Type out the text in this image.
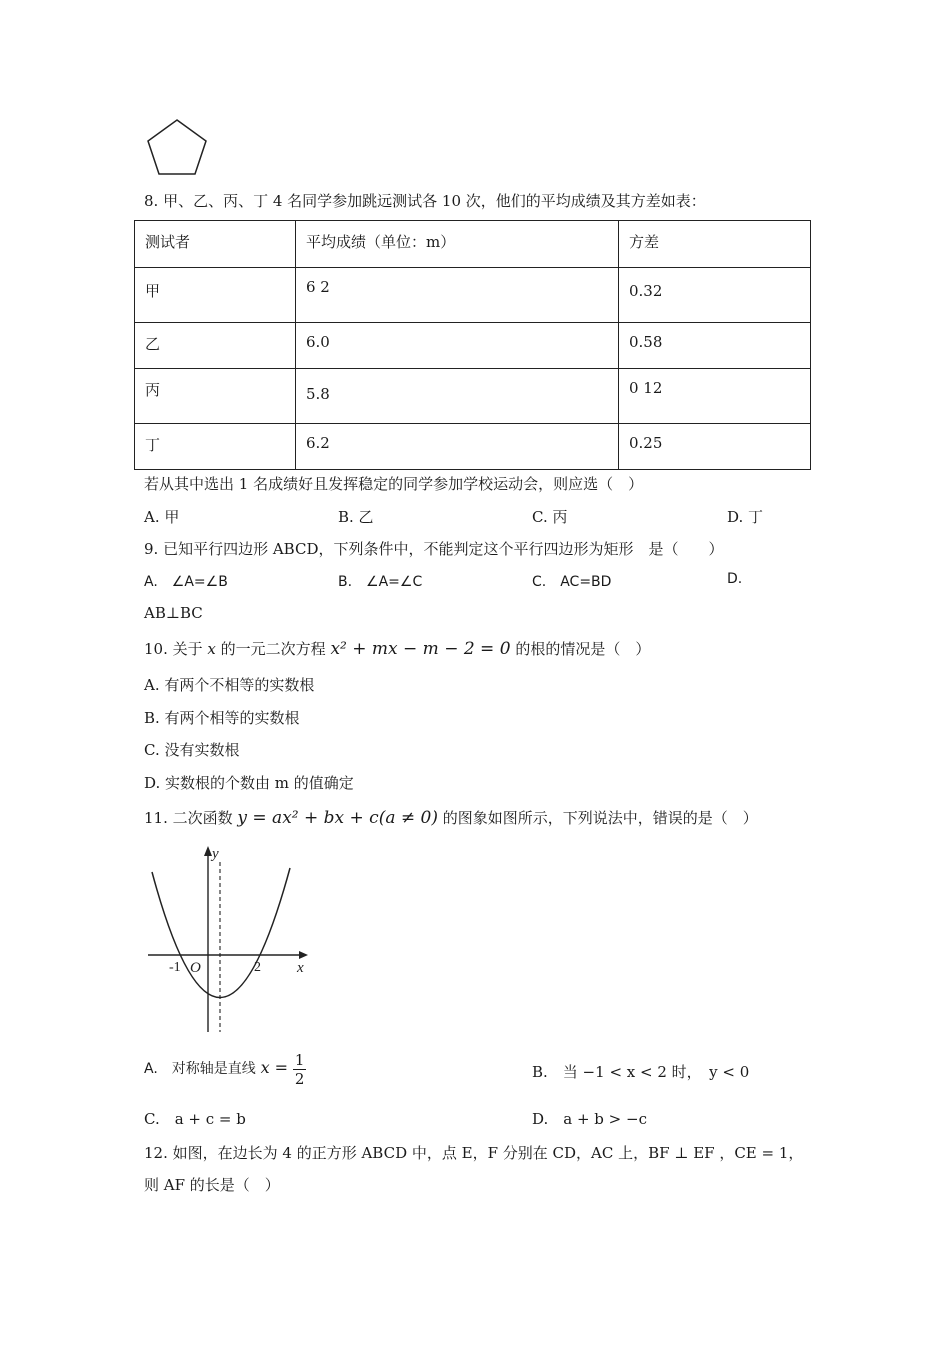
8. 甲、乙、丙、丁 4 名同学参加跳远测试各 10 次，他们的平均成绩及其方差如表：
测试者	平均成绩（单位：m）	方差

甲	6 2	0.32

乙	6.0	0.58
丙	5.8	0 12
丁	6.2	0.25
若从其中选出 1 名成绩好且发挥稳定的同学参加学校运动会，则应选（　）
A. 甲	B. 乙	C. 丙	D. 丁
9. 已知平行四边形 ABCD，下列条件中，不能判定这个平行四边形为矩形　是（　　）
A.　∠A=∠B	B.　∠A=∠C	C.　AC=BD	D.
AB⊥BC
10. 关于 x 的一元二次方程 x² + mx − m − 2 = 0 的根的情况是（　）
A. 有两个不相等的实数根
B. 有两个相等的实数根
C. 没有实数根
D. 实数根的个数由 m 的值确定
11. 二次函数 y = ax² + bx + c(a ≠ 0) 的图象如图所示，下列说法中，错误的是（　）
y
x
O
-1	2
A.　对称轴是直线 $x = \frac{1}{2}$	B.　当 −1 < x < 2 时，　y < 0
C.　a + c = b	D.　a + b > −c
12. 如图，在边长为 4 的正方形 ABCD 中，点 E，F 分别在 CD，AC 上，BF ⊥ EF ，CE = 1，
则 AF 的长是（　）
